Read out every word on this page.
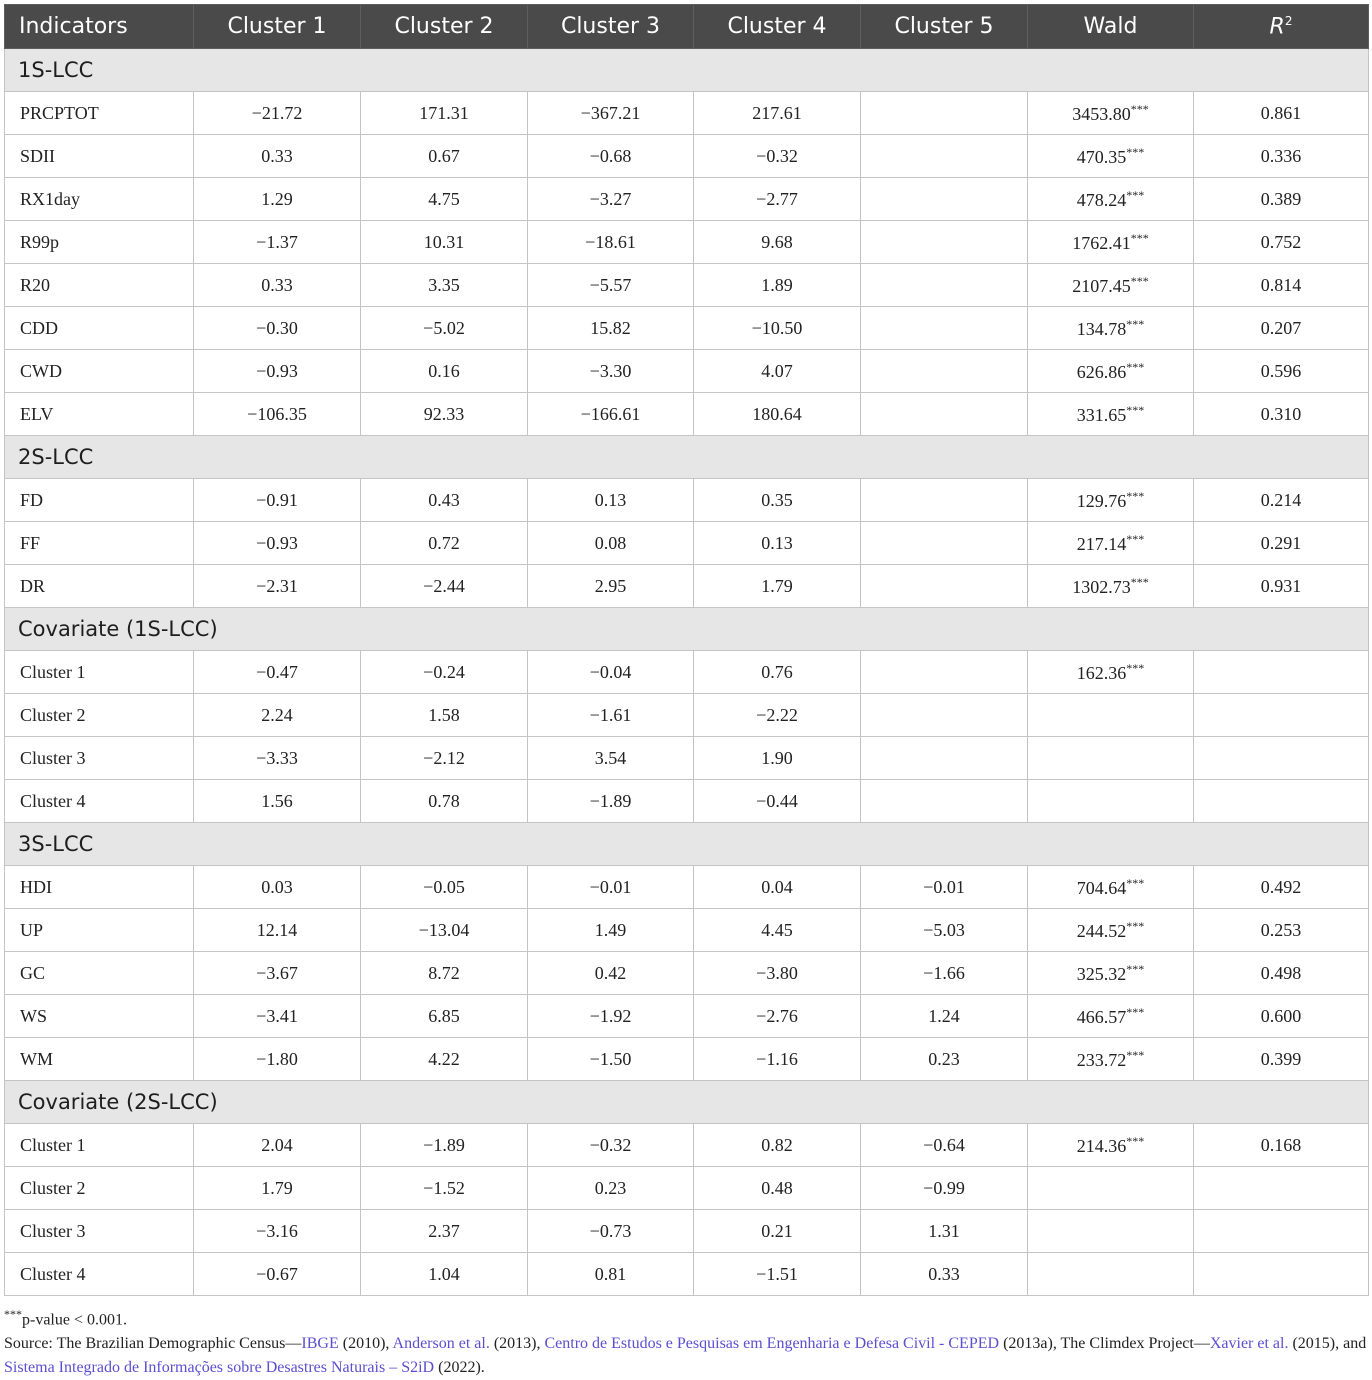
Indicators	Cluster 1	Cluster 2	Cluster 3	Cluster 4	Cluster 5	Wald	$R^2$
1S-LCC							
PRCPTOT	−21.72	171.31	−367.21	217.61		3453.80***	0.861
SDII	0.33	0.67	−0.68	−0.32		470.35***	0.336
RX1day	1.29	4.75	−3.27	−2.77		478.24***	0.389
R99p	−1.37	10.31	−18.61	9.68		1762.41***	0.752
R20	0.33	3.35	−5.57	1.89		2107.45***	0.814
CDD	−0.30	−5.02	15.82	−10.50		134.78***	0.207
CWD	−0.93	0.16	−3.30	4.07		626.86***	0.596
ELV	−106.35	92.33	−166.61	180.64		331.65***	0.310
2S-LCC							
FD	−0.91	0.43	0.13	0.35		129.76***	0.214
FF	−0.93	0.72	0.08	0.13		217.14***	0.291
DR	−2.31	−2.44	2.95	1.79		1302.73***	0.931
Covariate (1S-LCC)							
Cluster 1	−0.47	−0.24	−0.04	0.76		162.36***	
Cluster 2	2.24	1.58	−1.61	−2.22			
Cluster 3	−3.33	−2.12	3.54	1.90			
Cluster 4	1.56	0.78	−1.89	−0.44			
3S-LCC							
HDI	0.03	−0.05	−0.01	0.04	−0.01	704.64***	0.492
UP	12.14	−13.04	1.49	4.45	−5.03	244.52***	0.253
GC	−3.67	8.72	0.42	−3.80	−1.66	325.32***	0.498
WS	−3.41	6.85	−1.92	−2.76	1.24	466.57***	0.600
WM	−1.80	4.22	−1.50	−1.16	0.23	233.72***	0.399
Covariate (2S-LCC)							
Cluster 1	2.04	−1.89	−0.32	0.82	−0.64	214.36***	0.168
Cluster 2	1.79	−1.52	0.23	0.48	−0.99		
Cluster 3	−3.16	2.37	−0.73	0.21	1.31		
Cluster 4	−0.67	1.04	0.81	−1.51	0.33		
***p-value < 0.001.
Source: The Brazilian Demographic Census—IBGE (2010), Anderson et al. (2013), Centro de Estudos e Pesquisas em Engenharia e Defesa Civil - CEPED (2013a), The Climdex Project—Xavier et al. (2015), and Sistema Integrado de Informações sobre Desastres Naturais – S2iD (2022).
